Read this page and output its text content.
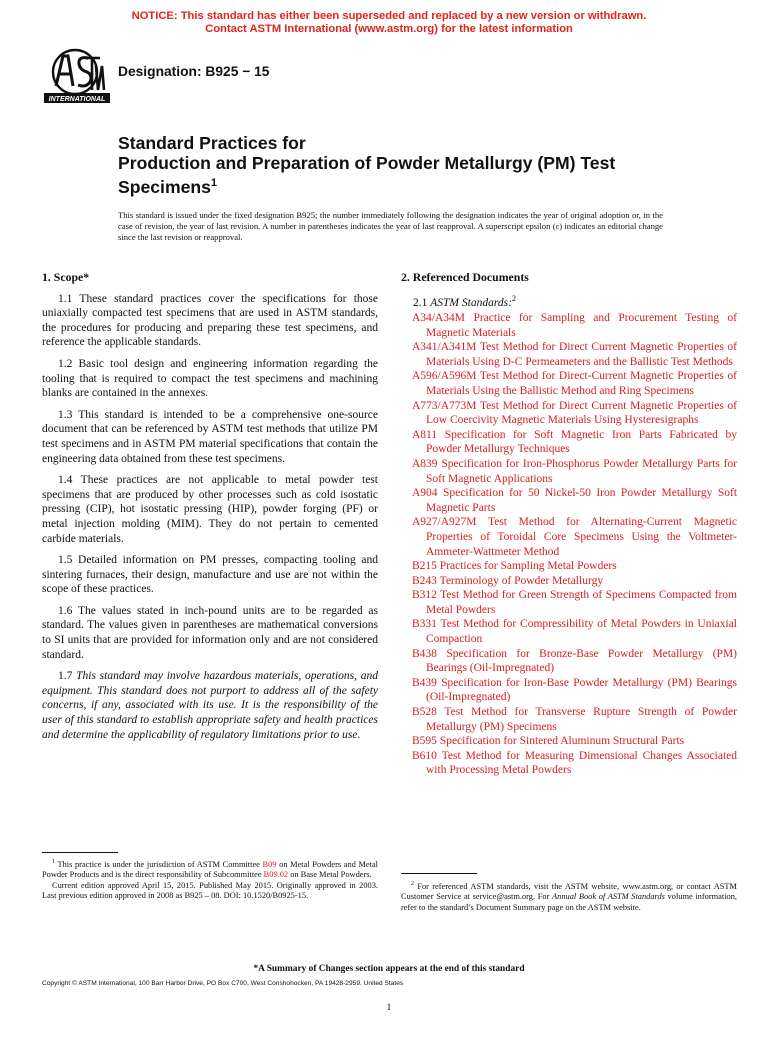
NOTICE: This standard has either been superseded and replaced by a new version or withdrawn.
Contact ASTM International (www.astm.org) for the latest information
INTERNATIONAL
Designation: B925 − 15
Standard Practices for
Production and Preparation of Powder Metallurgy (PM) Test
Specimens$^1$
This standard is issued under the fixed designation B925; the number immediately following the designation indicates the year of original adoption or, in the case of revision, the year of last revision. A number in parentheses indicates the year of last reapproval. A superscript epsilon (ε) indicates an editorial change since the last revision or reapproval.
1. Scope*

1.1 These standard practices cover the specifications for those uniaxially compacted test specimens that are used in ASTM standards, the procedures for producing and preparing these test specimens, and reference the applicable standards.

1.2 Basic tool design and engineering information regarding the tooling that is required to compact the test specimens and machining blanks are contained in the annexes.

1.3 This standard is intended to be a comprehensive one-source document that can be referenced by ASTM test methods that utilize PM test specimens and in ASTM PM material specifications that contain the engineering data obtained from these test specimens.

1.4 These practices are not applicable to metal powder test specimens that are produced by other processes such as cold isostatic pressing (CIP), hot isostatic pressing (HIP), powder forging (PF) or metal injection molding (MIM). They do not pertain to cemented carbide materials.

1.5 Detailed information on PM presses, compacting tooling and sintering furnaces, their design, manufacture and use are not within the scope of these practices.

1.6 The values stated in inch-pound units are to be regarded as standard. The values given in parentheses are mathematical conversions to SI units that are provided for information only and are not considered standard.

1.7 This standard may involve hazardous materials, operations, and equipment. This standard does not purport to address all of the safety concerns, if any, associated with its use. It is the responsibility of the user of this standard to establish appropriate safety and health practices and determine the applicability of regulatory limitations prior to use.

2. Referenced Documents
2.1 ASTM Standards:$^2$

A34/A34M Practice for Sampling and Procurement Testing of Magnetic Materials

A341/A341M Test Method for Direct Current Magnetic Properties of Materials Using D-C Permeameters and the Ballistic Test Methods

A596/A596M Test Method for Direct-Current Magnetic Properties of Materials Using the Ballistic Method and Ring Specimens

A773/A773M Test Method for Direct Current Magnetic Properties of Low Coercivity Magnetic Materials Using Hysteresigraphs

A811 Specification for Soft Magnetic Iron Parts Fabricated by Powder Metallurgy Techniques

A839 Specification for Iron-Phosphorus Powder Metallurgy Parts for Soft Magnetic Applications

A904 Specification for 50 Nickel-50 Iron Powder Metallurgy Soft Magnetic Parts

A927/A927M Test Method for Alternating-Current Magnetic Properties of Toroidal Core Specimens Using the Voltmeter-Ammeter-Wattmeter Method

B215 Practices for Sampling Metal Powders

B243 Terminology of Powder Metallurgy

B312 Test Method for Green Strength of Specimens Compacted from Metal Powders

B331 Test Method for Compressibility of Metal Powders in Uniaxial Compaction

B438 Specification for Bronze-Base Powder Metallurgy (PM) Bearings (Oil-Impregnated)

B439 Specification for Iron-Base Powder Metallurgy (PM) Bearings (Oil-Impregnated)

B528 Test Method for Transverse Rupture Strength of Powder Metallurgy (PM) Specimens

B595 Specification for Sintered Aluminum Structural Parts

B610 Test Method for Measuring Dimensional Changes Associated with Processing Metal Powders

$^1$ This practice is under the jurisdiction of ASTM Committee B09 on Metal Powders and Metal Powder Products and is the direct responsibility of Subcommittee B09.02 on Base Metal Powders.

Current edition approved April 15, 2015. Published May 2015. Originally approved in 2003. Last previous edition approved in 2008 as B925 – 08. DOI: 10.1520/B0925-15.

$^2$ For referenced ASTM standards, visit the ASTM website, www.astm.org, or contact ASTM Customer Service at service@astm.org. For Annual Book of ASTM Standards volume information, refer to the standard’s Document Summary page on the ASTM website.

*A Summary of Changes section appears at the end of this standard
Copyright © ASTM International, 100 Barr Harbor Drive, PO Box C700, West Conshohocken, PA 19428-2959. United States
1
